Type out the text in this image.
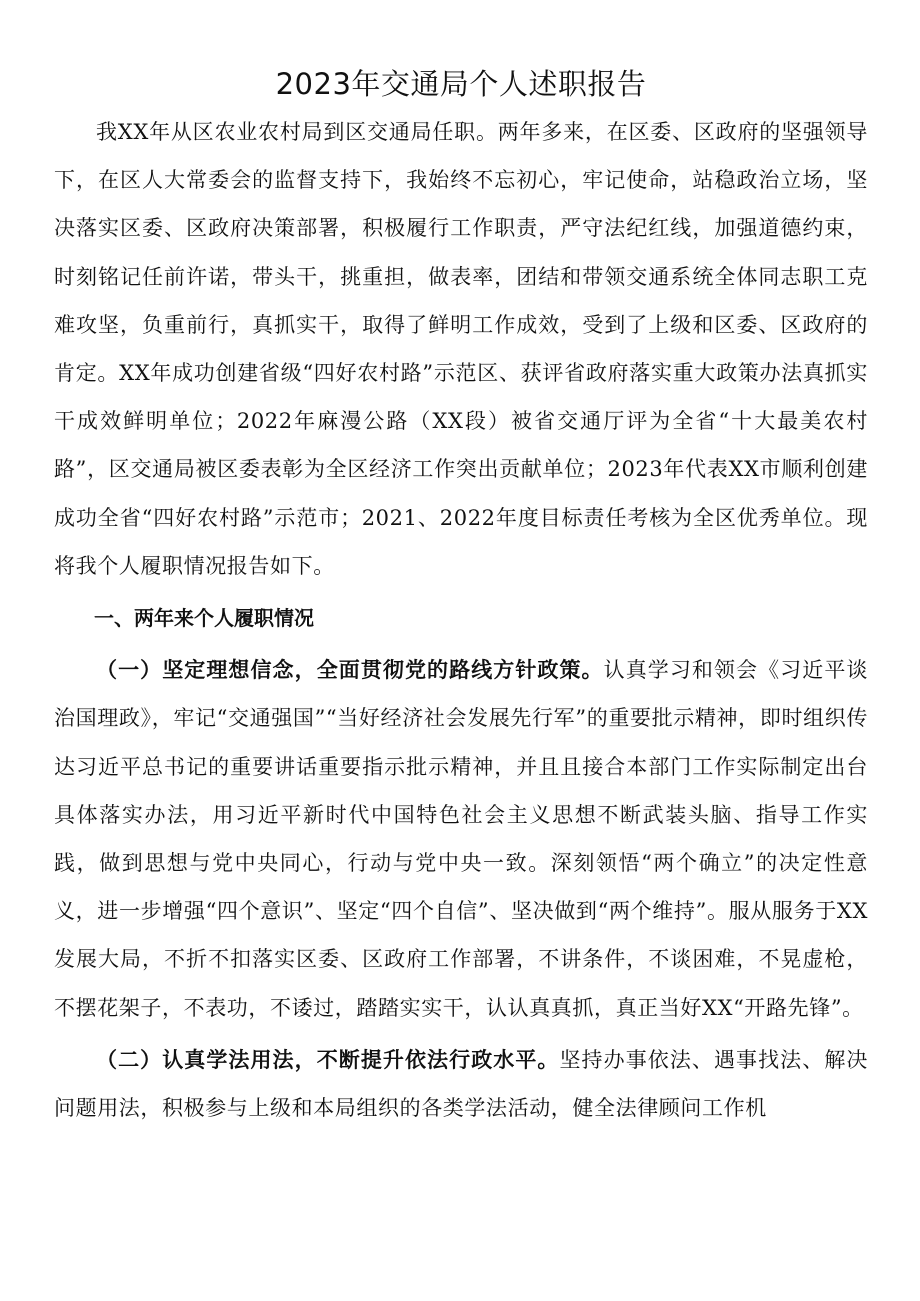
2023年交通局个人述职报告

我XX年从区农业农村局到区交通局任职。两年多来，在区委、区政府的坚强领导下，在区人大常委会的监督支持下，我始终不忘初心，牢记使命，站稳政治立场，坚决落实区委、区政府决策部署，积极履行工作职责，严守法纪红线，加强道德约束，时刻铭记任前许诺，带头干，挑重担，做表率，团结和带领交通系统全体同志职工克难攻坚，负重前行，真抓实干，取得了鲜明工作成效，受到了上级和区委、区政府的肯定。XX年成功创建省级“四好农村路”示范区、获评省政府落实重大政策办法真抓实干成效鲜明单位；2022年麻漫公路（XX段）被省交通厅评为全省“十大最美农村路”，区交通局被区委表彰为全区经济工作突出贡献单位；2023年代表XX市顺利创建成功全省“四好农村路”示范市；2021、2022年度目标责任考核为全区优秀单位。现将我个人履职情况报告如下。

一、两年来个人履职情况

（一）坚定理想信念，全面贯彻党的路线方针政策。认真学习和领会《习近平谈治国理政》，牢记“交通强国”“当好经济社会发展先行军”的重要批示精神，即时组织传达习近平总书记的重要讲话重要指示批示精神，并且且接合本部门工作实际制定出台具体落实办法，用习近平新时代中国特色社会主义思想不断武装头脑、指导工作实践，做到思想与党中央同心，行动与党中央一致。深刻领悟“两个确立”的决定性意义，进一步增强“四个意识”、坚定“四个自信”、坚决做到“两个维持”。服从服务于XX发展大局，不折不扣落实区委、区政府工作部署，不讲条件，不谈困难，不晃虚枪，不摆花架子，不表功，不诿过，踏踏实实干，认认真真抓，真正当好XX“开路先锋”。

（二）认真学法用法，不断提升依法行政水平。坚持办事依法、遇事找法、解决问题用法，积极参与上级和本局组织的各类学法活动，健全法律顾问工作机
